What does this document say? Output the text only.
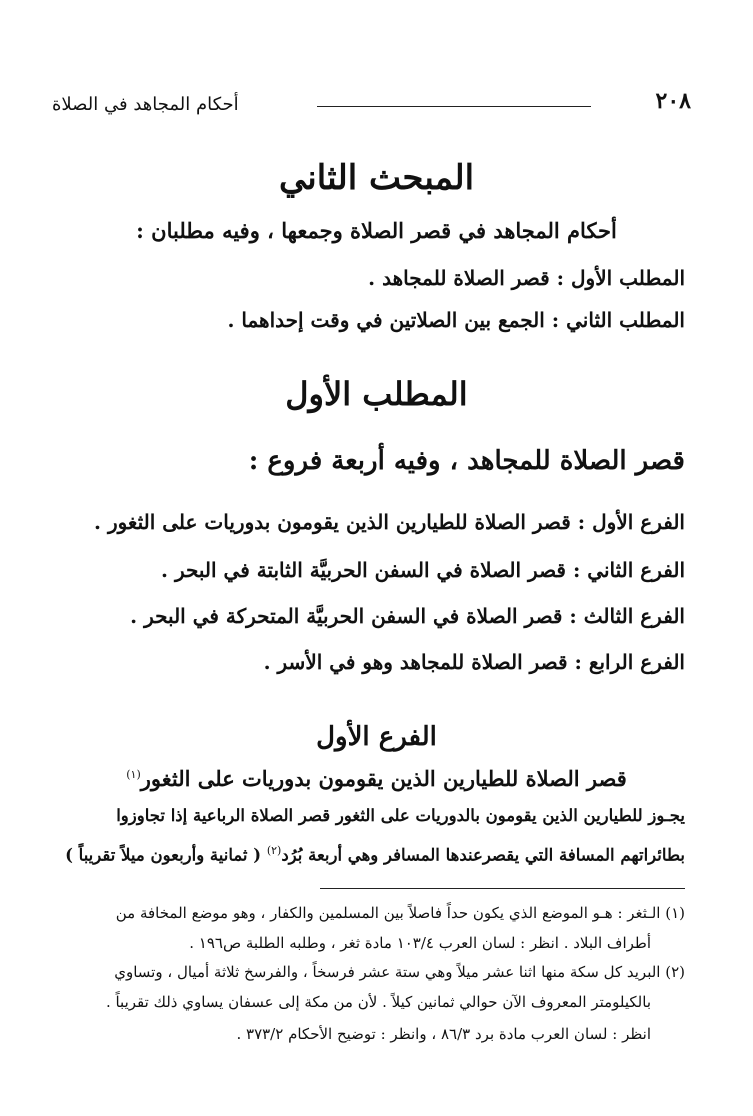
٢٠٨
أحكام المجاهد في الصلاة
المبحث الثاني
أحكام المجاهد في قصر الصلاة وجمعها ، وفيه مطلبان :
المطلب الأول : قصر الصلاة للمجاهد .
المطلب الثاني : الجمع بين الصلاتين في وقت إحداهما .
المطلب الأول
قصر الصلاة للمجاهد ، وفيه أربعة فروع :
الفرع الأول : قصر الصلاة للطيارين الذين يقومون بدوريات على الثغور .
الفرع الثاني : قصر الصلاة في السفن الحربيَّة الثابتة في البحر .
الفرع الثالث : قصر الصلاة في السفن الحربيَّة المتحركة في البحر .
الفرع الرابع : قصر الصلاة للمجاهد وهو في الأسر .
الفرع الأول
قصر الصلاة للطيارين الذين يقومون بدوريات على الثغور$^{(١)}$
يجـوز للطيارين الذين يقومون بالدوريات على الثغور قصر الصلاة الرباعية إذا تجاوزوا
بطائراتهم المسافة التي يقصرعندها المسافر وهي أربعة بُرُد$^{(٢)}$ ( ثمانية وأربعون ميلاً تقريباً )
(١) الـثغر : هـو الموضع الذي يكون حداً فاصلاً بين المسلمين والكفار ، وهو موضع المخافة من
أطراف البلاد . انظر : لسان العرب ١٠٣/٤ مادة ثغر ، وطلبه الطلبة ص١٩٦ .
(٢) البريد كل سكة منها اثنا عشر ميلاً وهي ستة عشر فرسخاً ، والفرسخ ثلاثة أميال ، وتساوي
بالكيلومتر المعروف الآن حوالي ثمانين كيلاً . لأن من مكة إلى عسفان يساوي ذلك تقريباً .
انظر : لسان العرب مادة برد ٨٦/٣ ، وانظر : توضيح الأحكام ٣٧٣/٢ .
